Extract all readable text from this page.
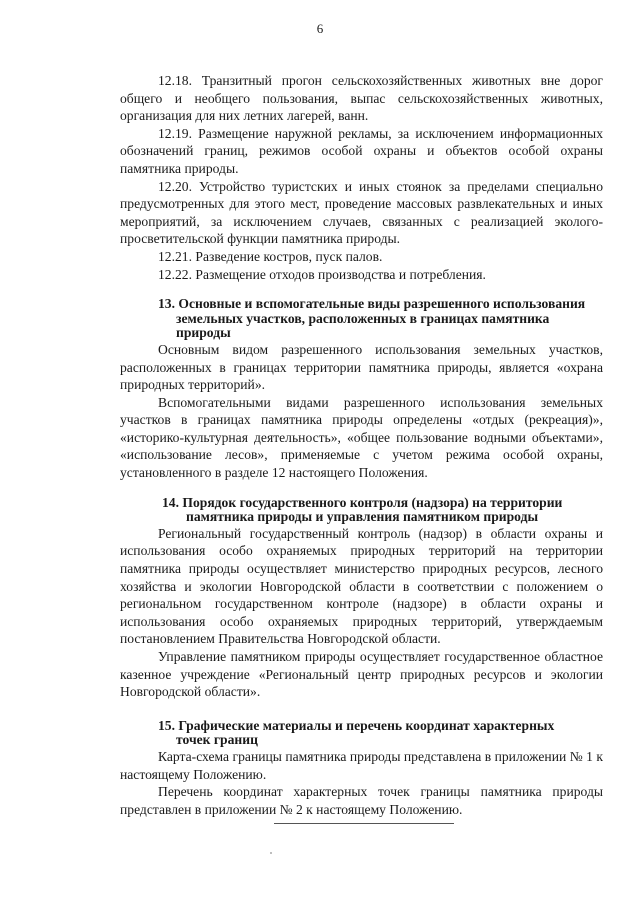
6

12.18. Транзитный прогон сельскохозяйственных животных вне дорог общего и необщего пользования, выпас сельскохозяйственных животных, организация для них летних лагерей, ванн.

12.19. Размещение наружной рекламы, за исключением информационных обозначений границ, режимов особой охраны и объектов особой охраны памятника природы.

12.20. Устройство туристских и иных стоянок за пределами специально предусмотренных для этого мест, проведение массовых развлекательных и иных мероприятий, за исключением случаев, связанных с реализацией эколого-просветительской функции памятника природы.

12.21. Разведение костров, пуск палов.

12.22. Размещение отходов производства и потребления.

13. Основные и вспомогательные виды разрешенного использования
земельных участков, расположенных в границах памятника
природы

Основным видом разрешенного использования земельных участков, расположенных в границах территории памятника природы, является «охрана природных территорий».

Вспомогательными видами разрешенного использования земельных участков в границах памятника природы определены «отдых (рекреация)», «историко-культурная деятельность», «общее пользование водными объектами», «использование лесов», применяемые с учетом режима особой охраны, установленного в разделе 12 настоящего Положения.

14. Порядок государственного контроля (надзора) на территории
памятника природы и управления памятником природы

Региональный государственный контроль (надзор) в области охраны и использования особо охраняемых природных территорий на территории памятника природы осуществляет министерство природных ресурсов, лесного хозяйства и экологии Новгородской области в соответствии с положением о региональном государственном контроле (надзоре) в области охраны и использования особо охраняемых природных территорий, утверждаемым постановлением Правительства Новгородской области.

Управление памятником природы осуществляет государственное областное казенное учреждение «Региональный центр природных ресурсов и экологии Новгородской области».

15. Графические материалы и перечень координат характерных
точек границ

Карта-схема границы памятника природы представлена в приложении № 1 к настоящему Положению.

Перечень координат характерных точек границы памятника природы представлен в приложении № 2 к настоящему Положению.
